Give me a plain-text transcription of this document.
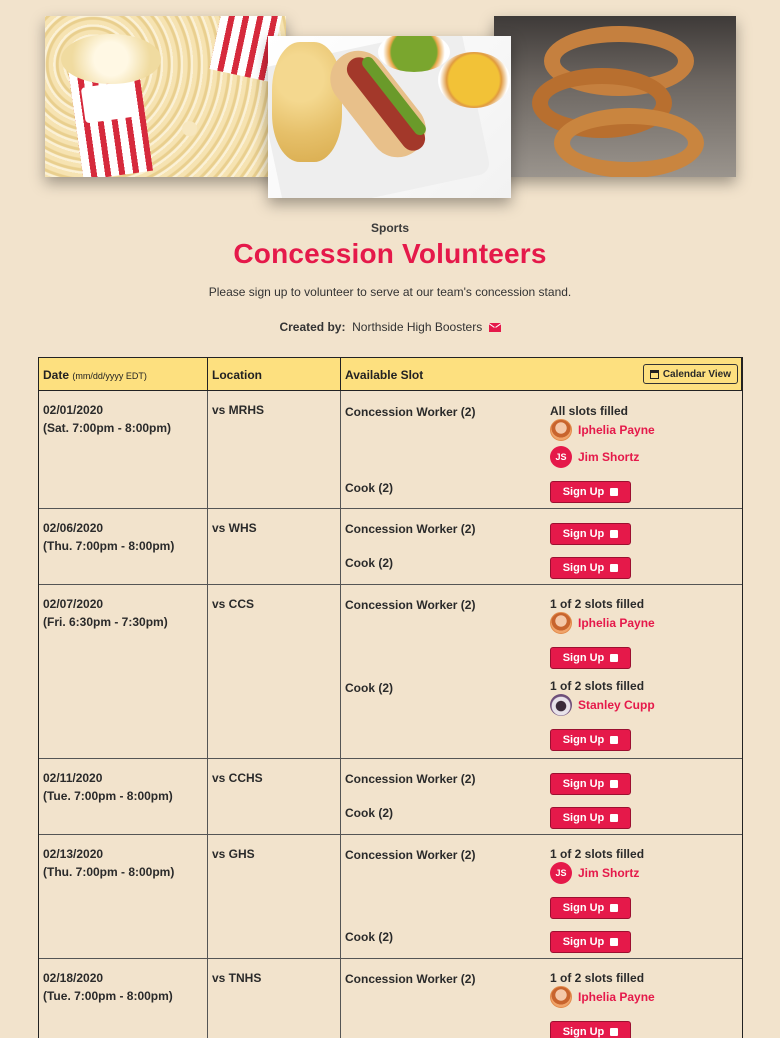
Sports
Concession Volunteers
Please sign up to volunteer to serve at our team's concession stand.
Created by: Northside High Boosters
Date (mm/dd/yyyy EDT)	Location	Available Slot	Calendar View
02/01/2020
(Sat. 7:00pm - 8:00pm)
vs MRHS	Concession Worker (2)	All slots filled
Iphelia Payne
JS Jim Shortz
Cook (2)	Sign Up
02/06/2020
(Thu. 7:00pm - 8:00pm)
vs WHS	Concession Worker (2)	Sign Up
Cook (2)	Sign Up
02/07/2020
(Fri. 6:30pm - 7:30pm)
vs CCS	Concession Worker (2)	1 of 2 slots filled
Iphelia Payne
Sign Up
Cook (2)	1 of 2 slots filled
Stanley Cupp
Sign Up
02/11/2020
(Tue. 7:00pm - 8:00pm)
vs CCHS	Concession Worker (2)	Sign Up
Cook (2)	Sign Up
02/13/2020
(Thu. 7:00pm - 8:00pm)
vs GHS	Concession Worker (2)	1 of 2 slots filled
JS Jim Shortz
Sign Up
Cook (2)	Sign Up
02/18/2020
(Tue. 7:00pm - 8:00pm)
vs TNHS	Concession Worker (2)	1 of 2 slots filled
Iphelia Payne
Sign Up
